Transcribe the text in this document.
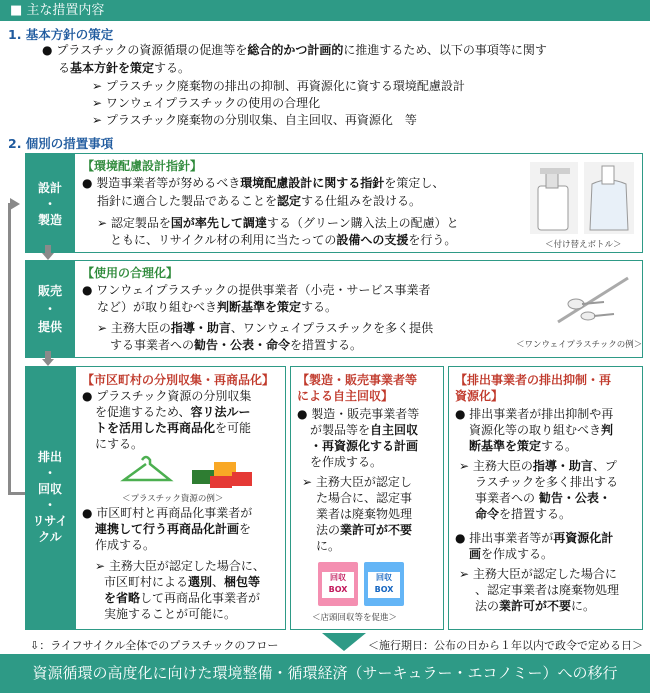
■ 主な措置内容
1. 基本方針の策定
● プラスチックの資源循環の促進等を総合的かつ計画的に推進するため、以下の事項等に関す
る基本方針を策定する。
➢ プラスチック廃棄物の排出の抑制、再資源化に資する環境配慮設計
➢ ワンウェイプラスチックの使用の合理化
➢ プラスチック廃棄物の分別収集、自主回収、再資源化　等
2. 個別の措置事項
設計
・
製造
【環境配慮設計指針】
● 製造事業者等が努めるべき環境配慮設計に関する指針を策定し、
指針に適合した製品であることを認定する仕組みを設ける。
➢ 認定製品を国が率先して調達する（グリーン購入法上の配慮）と
ともに、リサイクル材の利用に当たっての設備への支援を行う。	＜付け替えボトル＞
販売
・
提供
【使用の合理化】
● ワンウェイプラスチックの提供事業者（小売・サービス事業者
など）が取り組むべき判断基準を策定する。
➢ 主務大臣の指導・助言、ワンウェイプラスチックを多く提供
する事業者への勧告・公表・命令を措置する。	＜ワンウェイプラスチックの例＞
排出
・
回収
・
リサイ
クル
【市区町村の分別収集・再商品化】
● プラスチック資源の分別収集
を促進するため、容リ法ルー
トを活用した再商品化を可能
にする。
＜プラスチック資源の例＞
● 市区町村と再商品化事業者が
連携して行う再商品化計画を
作成する。
➢ 主務大臣が認定した場合に、
市区町村による選別、梱包等
を省略して再商品化事業者が
実施することが可能に。
【製造・販売事業者等
による自主回収】
● 製造・販売事業者等
が製品等を自主回収
・再資源化する計画
を作成する。
➢ 主務大臣が認定し
た場合に、認定事
業者は廃棄物処理
法の業許可が不要
に。
回収
BOX
回収
BOX
＜店頭回収等を促進＞
【排出事業者の排出抑制・再
資源化】
● 排出事業者が排出抑制や再
資源化等の取り組むべき判
断基準を策定する。
➢ 主務大臣の指導・助言、プ
ラスチックを多く排出する
事業者への 勧告・公表・
命令を措置する。
● 排出事業者等が再資源化計
画を作成する。
➢ 主務大臣が認定した場合に
、認定事業者は廃棄物処理
法の業許可が不要に。
⇩：ライフサイクル全体でのプラスチックのフロー	＜施行期日：公布の日から１年以内で政令で定める日＞
資源循環の高度化に向けた環境整備・循環経済（サーキュラー・エコノミー）への移行
